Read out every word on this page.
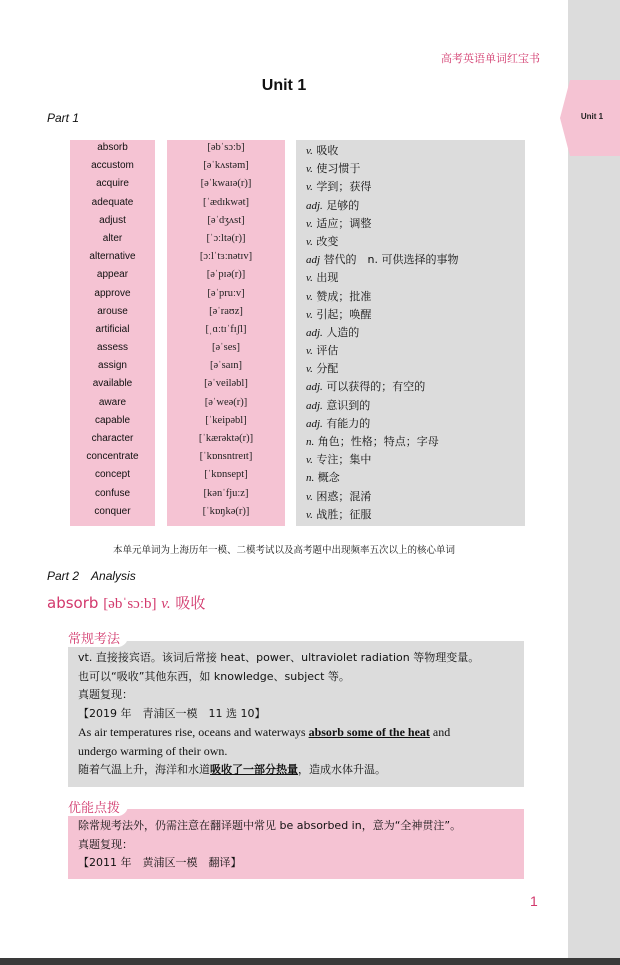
Unit 1
高考英语单词红宝书
Unit 1
Part 1
absorb
accustom
acquire
adequate
adjust
alter
alternative
appear
approve
arouse
artificial
assess
assign
available
aware
capable
character
concentrate
concept
confuse
conquer
[əbˈsɔːb]
[əˈkʌstəm]
[əˈkwaɪə(r)]
[ˈædɪkwət]
[əˈdʒʌst]
[ˈɔːltə(r)]
[ɔːlˈtɜːnətɪv]
[əˈpɪə(r)]
[əˈpruːv]
[əˈraʊz]
[ˌɑːtɪˈfɪʃl]
[əˈses]
[əˈsaɪn]
[əˈveiləbl]
[əˈweə(r)]
[ˈkeipəbl]
[ˈkærəktə(r)]
[ˈkɒnsntreɪt]
[ˈkɒnsept]
[kənˈfjuːz]
[ˈkɒŋkə(r)]
v. 吸收
v. 使习惯于
v. 学到；获得
adj. 足够的
v. 适应；调整
v. 改变
adj 替代的　n. 可供选择的事物
v. 出现
v. 赞成；批准
v. 引起；唤醒
adj. 人造的
v. 评估
v. 分配
adj. 可以获得的；有空的
adj. 意识到的
adj. 有能力的
n. 角色；性格；特点；字母
v. 专注；集中
n. 概念
v. 困惑；混淆
v. 战胜；征服
本单元单词为上海历年一模、二模考试以及高考题中出现频率五次以上的核心单词
Part 2　Analysis
absorb [əbˈsɔːb] v. 吸收
vt. 直接接宾语。该词后常接 heat、power、ultraviolet radiation 等物理变量。
也可以“吸收”其他东西，如 knowledge、subject 等。
真题复现：
【2019 年　青浦区一模　11 选 10】
As air temperatures rise, oceans and waterways absorb some of the heat and
undergo warming of their own.
随着气温上升，海洋和水道吸收了一部分热量，造成水体升温。
常规考法
除常规考法外，仍需注意在翻译题中常见 be absorbed in，意为“全神贯注”。
真题复现：
【2011 年　黄浦区一模　翻译】
优能点拨
1
